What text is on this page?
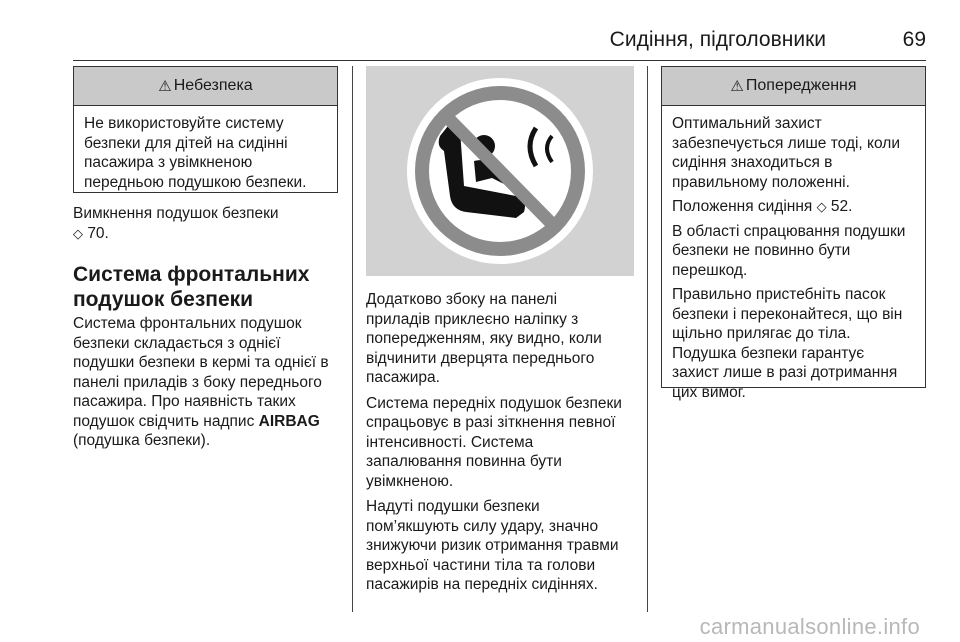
Сидіння, підголовники	69
⚠ Небезпека
Не використовуйте систему
безпеки для дітей на сидінні
пасажира з увімкненою
передньою подушкою безпеки.
Вимкнення подушок безпеки
◇ 70.
Система фронтальних
подушок безпеки
Система фронтальних подушок
безпеки складається з однієї
подушки безпеки в кермі та однієї в
панелі приладів з боку переднього
пасажира. Про наявність таких
подушок свідчить надпис AIRBAG
(подушка безпеки).

Додатково збоку на панелі
приладів приклеєно наліпку з
попередженням, яку видно, коли
відчинити дверцята переднього
пасажира.

Система передніх подушок безпеки
спрацьовує в разі зіткнення певної
інтенсивності. Система
запалювання повинна бути
увімкненою.

Надуті подушки безпеки
пом’якшують силу удару, значно
знижуючи ризик отримання травми
верхньої частини тіла та голови
пасажирів на передніх сидіннях.

⚠ Попередження

Оптимальний захист
забезпечується лише тоді, коли
сидіння знаходиться в
правильному положенні.

Положення сидіння ◇ 52.

В області спрацювання подушки
безпеки не повинно бути
перешкод.

Правильно пристебніть пасок
безпеки і переконайтеся, що він
щільно прилягає до тіла.
Подушка безпеки гарантує
захист лише в разі дотримання
цих вимог.

carmanualsonline.info
